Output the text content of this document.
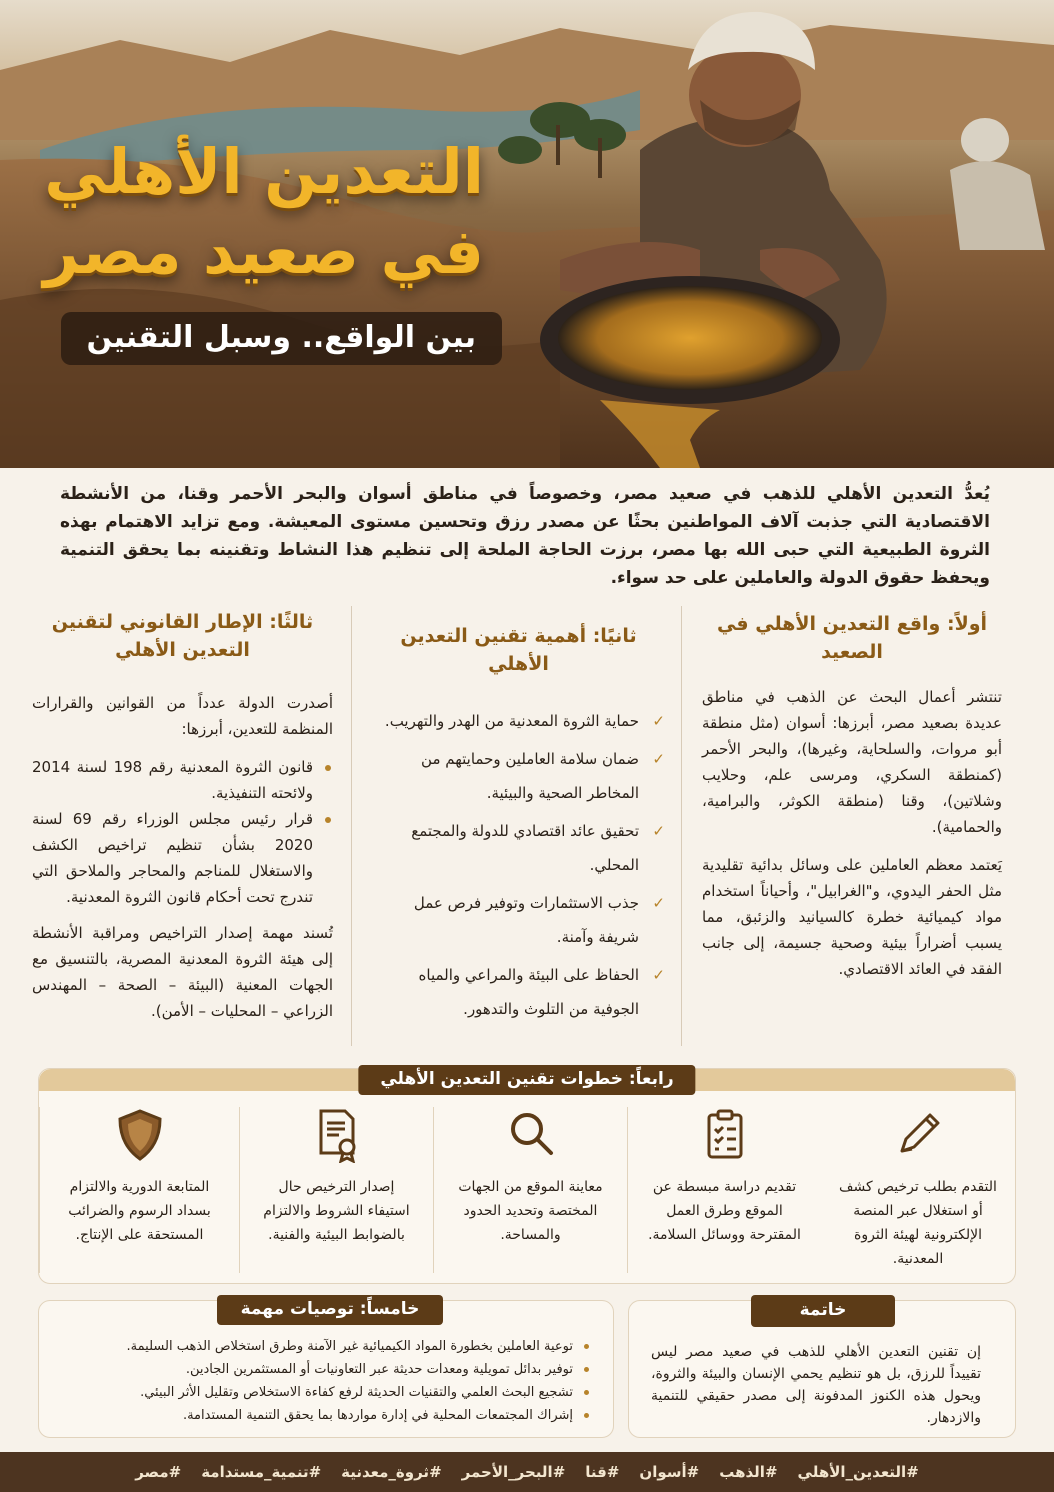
التعدين الأهلي
في صعيد مصر
بين الواقع.. وسبل التقنين

يُعدُّ التعدين الأهلي للذهب في صعيد مصر، وخصوصاً في مناطق أسوان والبحر الأحمر وقنا، من الأنشطة الاقتصادية التي جذبت آلاف المواطنين بحثًا عن مصدر رزق وتحسين مستوى المعيشة. ومع تزايد الاهتمام بهذه الثروة الطبيعية التي حبى الله بها مصر، برزت الحاجة الملحة إلى تنظيم هذا النشاط وتقنينه بما يحقق التنمية ويحفظ حقوق الدولة والعاملين على حد سواء.

أولاً: واقع التعدين الأهلي في الصعيد

تنتشر أعمال البحث عن الذهب في مناطق عديدة بصعيد مصر، أبرزها: أسوان (مثل منطقة أبو مروات، والسلحاية، وغيرها)، والبحر الأحمر (كمنطقة السكري، ومرسى علم، وحلايب وشلاتين)، وقنا (منطقة الكوثر، والبرامية، والحمامية).

يَعتمد معظم العاملين على وسائل بدائية تقليدية مثل الحفر اليدوي، و"الغرابيل"، وأحياناً استخدام مواد كيميائية خطرة كالسيانيد والزئبق، مما يسبب أضراراً بيئية وصحية جسيمة، إلى جانب الفقد في العائد الاقتصادي.

ثانيًا: أهمية تقنين التعدين الأهلي
✓
حماية الثروة المعدنية من الهدر والتهريب.
✓
ضمان سلامة العاملين وحمايتهم من المخاطر الصحية والبيئية.
✓
تحقيق عائد اقتصادي للدولة والمجتمع المحلي.
✓
جذب الاستثمارات وتوفير فرص عمل شريفة وآمنة.
✓
الحفاظ على البيئة والمراعي والمياه الجوفية من التلوث والتدهور.
ثالثًا: الإطار القانوني لتقنين التعدين الأهلي

أصدرت الدولة عدداً من القوانين والقرارات المنظمة للتعدين، أبرزها:

قانون الثروة المعدنية رقم 198 لسنة 2014 ولائحته التنفيذية.
قرار رئيس مجلس الوزراء رقم 69 لسنة 2020 بشأن تنظيم تراخيص الكشف والاستغلال للمناجم والمحاجر والملاحق التي تندرج تحت أحكام قانون الثروة المعدنية.

تُسند مهمة إصدار التراخيص ومراقبة الأنشطة إلى هيئة الثروة المعدنية المصرية، بالتنسيق مع الجهات المعنية (البيئة – الصحة – المهندس الزراعي – المحليات – الأمن).

رابعاً: خطوات تقنين التعدين الأهلي
التقدم بطلب ترخيص كشف أو استغلال عبر المنصة الإلكترونية لهيئة الثروة المعدنية.
تقديم دراسة مبسطة عن الموقع وطرق العمل المقترحة ووسائل السلامة.
معاينة الموقع من الجهات المختصة وتحديد الحدود والمساحة.
إصدار الترخيص حال استيفاء الشروط والالتزام بالضوابط البيئية والفنية.
المتابعة الدورية والالتزام بسداد الرسوم والضرائب المستحقة على الإنتاج.
خامساً: توصيات مهمة
توعية العاملين بخطورة المواد الكيميائية غير الآمنة وطرق استخلاص الذهب السليمة.
توفير بدائل تمويلية ومعدات حديثة عبر التعاونيات أو المستثمرين الجادين.
تشجيع البحث العلمي والتقنيات الحديثة لرفع كفاءة الاستخلاص وتقليل الأثر البيئي.
إشراك المجتمعات المحلية في إدارة مواردها بما يحقق التنمية المستدامة.
خاتمة

إن تقنين التعدين الأهلي للذهب في صعيد مصر ليس تقييداً للرزق، بل هو تنظيم يحمي الإنسان والبيئة والثروة، ويحول هذه الكنوز المدفونة إلى مصدر حقيقي للتنمية والازدهار.

#التعدين_الأهلي
#الذهب
#أسوان
#قنا
#البحر_الأحمر
#ثروة_معدنية
#تنمية_مستدامة
#مصر
